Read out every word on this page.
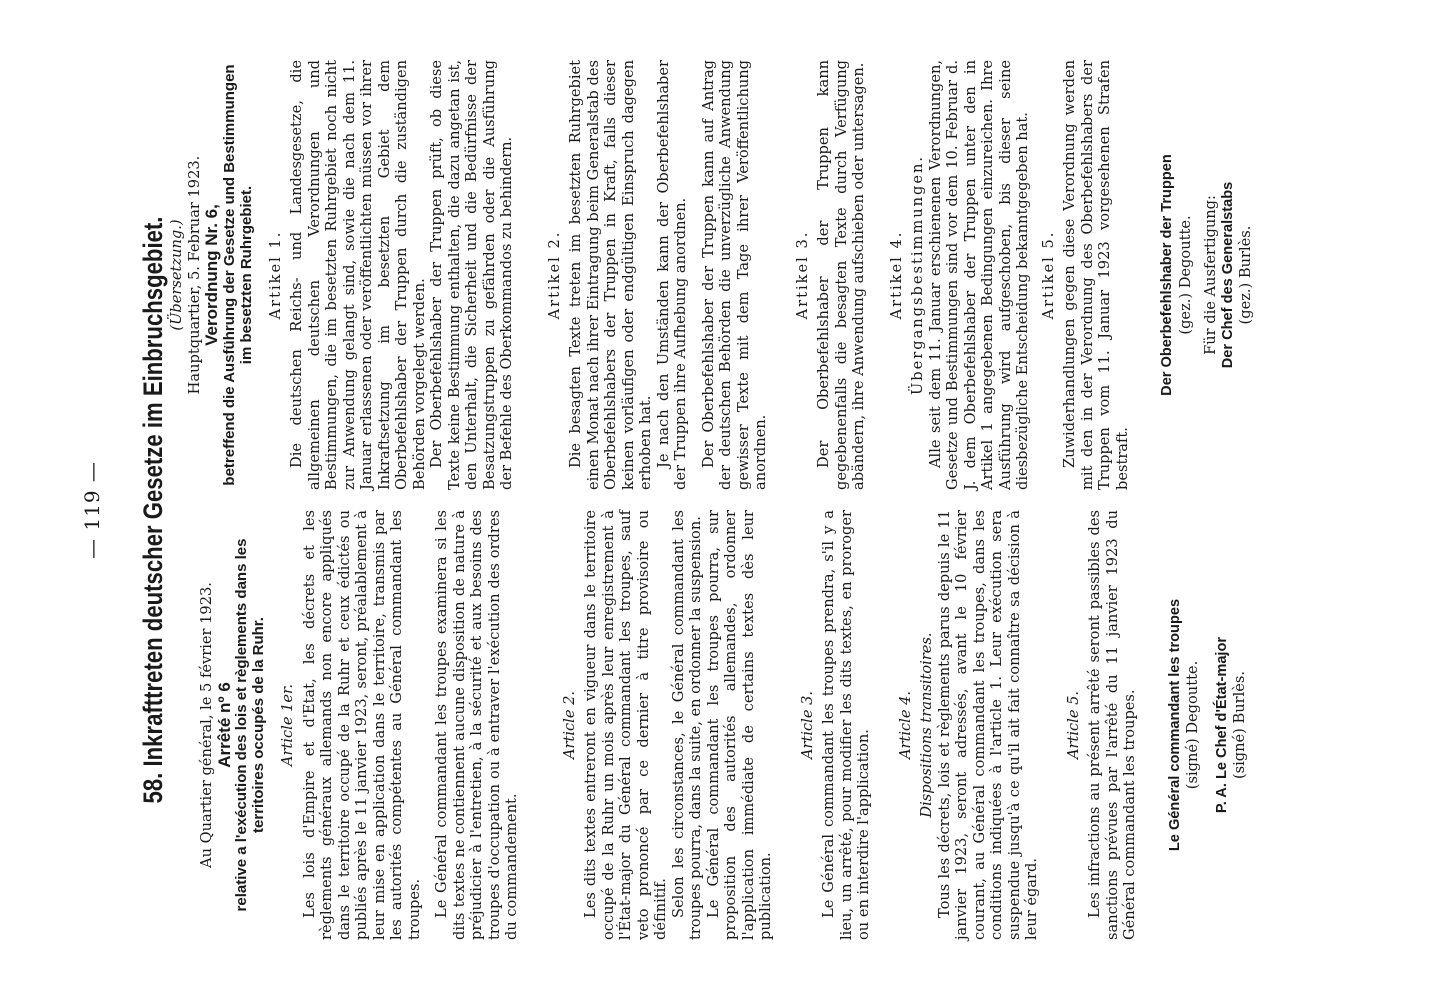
— 119 — 58. Inkrafttreten deutscher Gesetze im Einbruchsgebiet. Au Quartier général, le 5 février 1923. Arrêté nº 6 relative a l'exécution des lois et règlements dans les territoires occupés de la Ruhr. Article 1er. Les lois d'Empire et d'Etat, les décrets et les règlements généraux allemands non encore appliqués dans le territoire occupé de la Ruhr et ceux édictés ou publiés après le 11 janvier 1923, seront, préalablement à leur mise en application dans le territoire, transmis par les autorités compétentes au Général commandant les troupes. Le Général commandant les troupes examinera si les dits textes ne contiennent aucune disposition de nature à préjudicier à l'entretien, à la sécurité et aux besoins des troupes d'occupation ou à entraver l'exécution des ordres du commandement.

Article 2. Les dits textes entreront en vigueur dans le territoire occupé de la Ruhr un mois après leur enregistrement à l'État-major du Général commandant les troupes, sauf veto prononcé par ce dernier à titre provisoire ou définitif. Selon les circonstances, le Général commandant les troupes pourra, dans la suite, en ordonner la suspension. Le Général commandant les troupes pourra, sur proposition des autorités allemandes, ordonner l'application immédiate de certains textes dès leur publication.

Article 3. Le Général commandant les troupes prendra, s'il y a lieu, un arrêté, pour modifier les dits textes, en proroger ou en interdire l'application.

Article 4. Dispositions transitoires. Tous les décrets, lois et règlements parus depuis le 11 janvier 1923, seront adressés, avant le 10 février courant, au Général commandant les troupes, dans les conditions indiquées à l'article 1. Leur exécution sera suspendue jusqu'à ce qu'il ait fait connaître sa décision à leur égard.

Article 5. Les infractions au présent arrêté seront passibles des sanctions prévues par l'arrêté du 11 janvier 1923 du Général commandant les troupes. Le Général commandant les troupes (signé) Degoutte. P. A. Le Chef d'État-major (signé) Burlès.
(Übersetzung.) Hauptquartier, 5. Februar 1923. Verordnung Nr. 6, betreffend die Ausführung der Gesetze und Bestimmungen im besetzten Ruhrgebiet. Artikel 1. Die deutschen Reichs- und Landesgesetze, die allgemeinen deutschen Verordnungen und Bestimmungen, die im besetzten Ruhrgebiet noch nicht zur Anwendung gelangt sind, sowie die nach dem 11. Januar erlassenen oder veröffentlichten müssen vor ihrer Inkraftsetzung im besetzten Gebiet dem Oberbefehlshaber der Truppen durch die zuständigen Behörden vorgelegt werden. Der Oberbefehlshaber der Truppen prüft, ob diese Texte keine Bestimmung enthalten, die dazu angetan ist, den Unterhalt, die Sicherheit und die Bedürfnisse der Besatzungstruppen zu gefährden oder die Ausführung der Befehle des Oberkommandos zu behindern. Artikel 2. Die besagten Texte treten im besetzten Ruhrgebiet einen Monat nach ihrer Eintragung beim Generalstab des Oberbefehlshabers der Truppen in Kraft, falls dieser keinen vorläufigen oder endgültigen Einspruch dagegen erhoben hat. Je nach den Umständen kann der Oberbefehlshaber der Truppen ihre Aufhebung anordnen. Der Oberbefehlshaber der Truppen kann auf Antrag der deutschen Behörden die unverzügliche Anwendung gewisser Texte mit dem Tage ihrer Veröffentlichung anordnen.

Artikel 3. Der Oberbefehlshaber der Truppen kann gegebenenfalls die besagten Texte durch Verfügung abändern, ihre Anwendung aufschieben oder untersagen. Artikel 4. Übergangsbestimmungen. Alle seit dem 11. Januar erschienenen Verordnungen, Gesetze und Bestimmungen sind vor dem 10. Februar d. J. dem Oberbefehlshaber der Truppen unter den in Artikel 1 angegebenen Bedingungen einzureichen. Ihre Ausführung wird aufgeschoben, bis dieser seine diesbezügliche Entscheidung bekanntgegeben hat. Artikel 5. Zuwiderhandlungen gegen diese Verordnung werden mit den in der Verordnung des Oberbefehlshabers der Truppen vom 11. Januar 1923 vorgesehenen Strafen bestraft.

Der Oberbefehlshaber der Truppen (gez.) Degoutte. Für die Ausfertigung: Der Chef des Generalstabs (gez.) Burlès.
